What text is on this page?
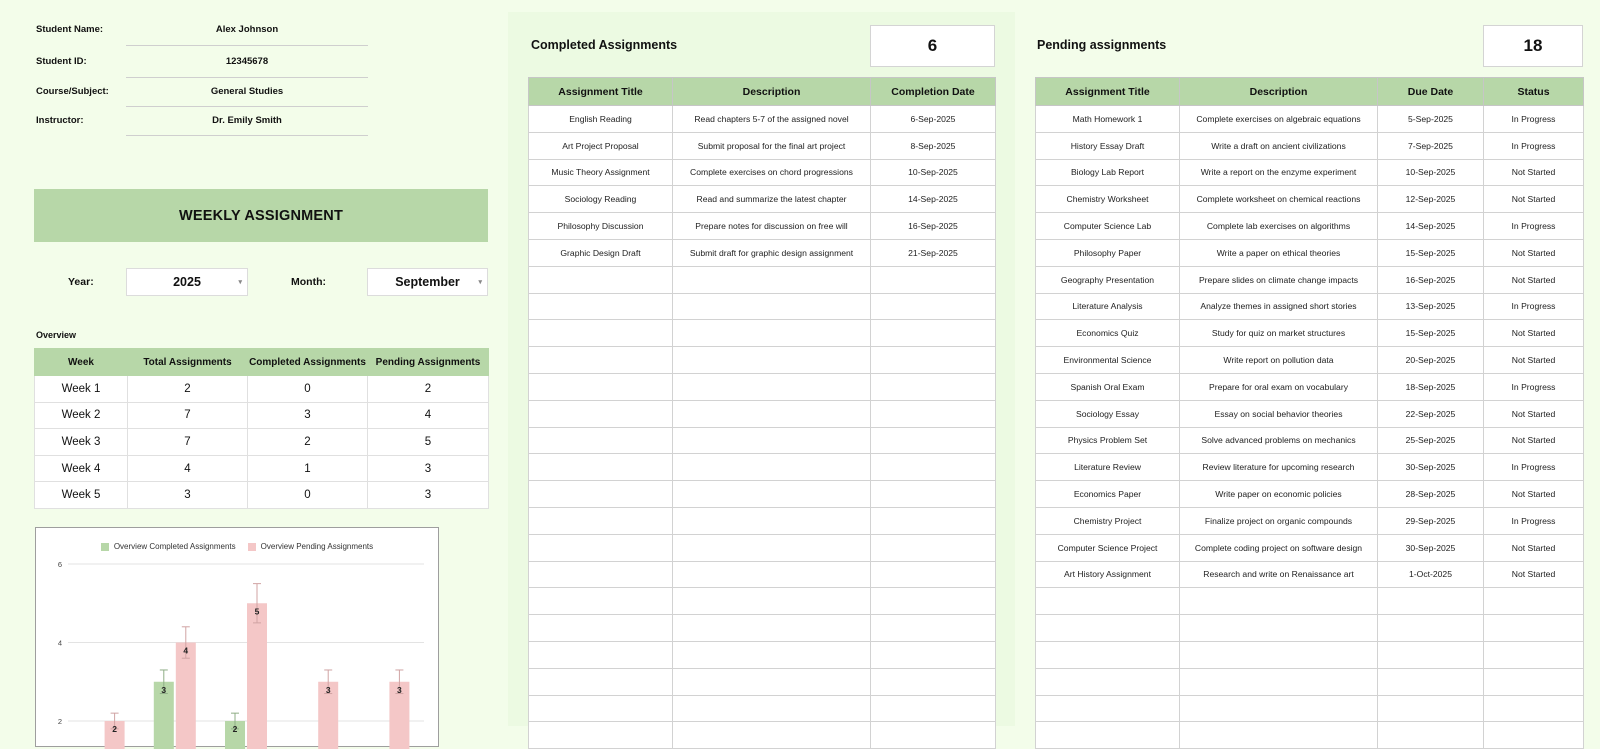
Student Name:	Alex Johnson
Student ID:	12345678
Course/Subject:	General Studies
Instructor:	Dr. Emily Smith
WEEKLY ASSIGNMENT
Year:	2025	▾	Month:	September	▾
Overview
Week	Total Assignments	Completed Assignments	Pending Assignments
Week 1	2	0	2
Week 2	7	3	4
Week 3	7	2	5
Week 4	4	1	3
Week 5	3	0	3
Overview Completed Assignments	Overview Pending Assignments
2
4
6
2
3
4
2
5
3	3
Completed Assignments	6
Assignment Title	Description	Completion Date
English Reading	Read chapters 5-7 of the assigned novel	6-Sep-2025
Art Project Proposal	Submit proposal for the final art project	8-Sep-2025
Music Theory Assignment	Complete exercises on chord progressions	10-Sep-2025
Sociology Reading	Read and summarize the latest chapter	14-Sep-2025
Philosophy Discussion	Prepare notes for discussion on free will	16-Sep-2025
Graphic Design Draft	Submit draft for graphic design assignment	21-Sep-2025

Pending assignments	18
Assignment Title	Description	Due Date	Status
Math Homework 1	Complete exercises on algebraic equations	5-Sep-2025	In Progress
History Essay Draft	Write a draft on ancient civilizations	7-Sep-2025	In Progress
Biology Lab Report	Write a report on the enzyme experiment	10-Sep-2025	Not Started
Chemistry Worksheet	Complete worksheet on chemical reactions	12-Sep-2025	Not Started
Computer Science Lab	Complete lab exercises on algorithms	14-Sep-2025	In Progress
Philosophy Paper	Write a paper on ethical theories	15-Sep-2025	Not Started
Geography Presentation	Prepare slides on climate change impacts	16-Sep-2025	Not Started
Literature Analysis	Analyze themes in assigned short stories	13-Sep-2025	In Progress
Economics Quiz	Study for quiz on market structures	15-Sep-2025	Not Started
Environmental Science	Write report on pollution data	20-Sep-2025	Not Started
Spanish Oral Exam	Prepare for oral exam on vocabulary	18-Sep-2025	In Progress
Sociology Essay	Essay on social behavior theories	22-Sep-2025	Not Started
Physics Problem Set	Solve advanced problems on mechanics	25-Sep-2025	Not Started
Literature Review	Review literature for upcoming research	30-Sep-2025	In Progress
Economics Paper	Write paper on economic policies	28-Sep-2025	Not Started
Chemistry Project	Finalize project on organic compounds	29-Sep-2025	In Progress
Computer Science Project	Complete coding project on software design	30-Sep-2025	Not Started
Art History Assignment	Research and write on Renaissance art	1-Oct-2025	Not Started
